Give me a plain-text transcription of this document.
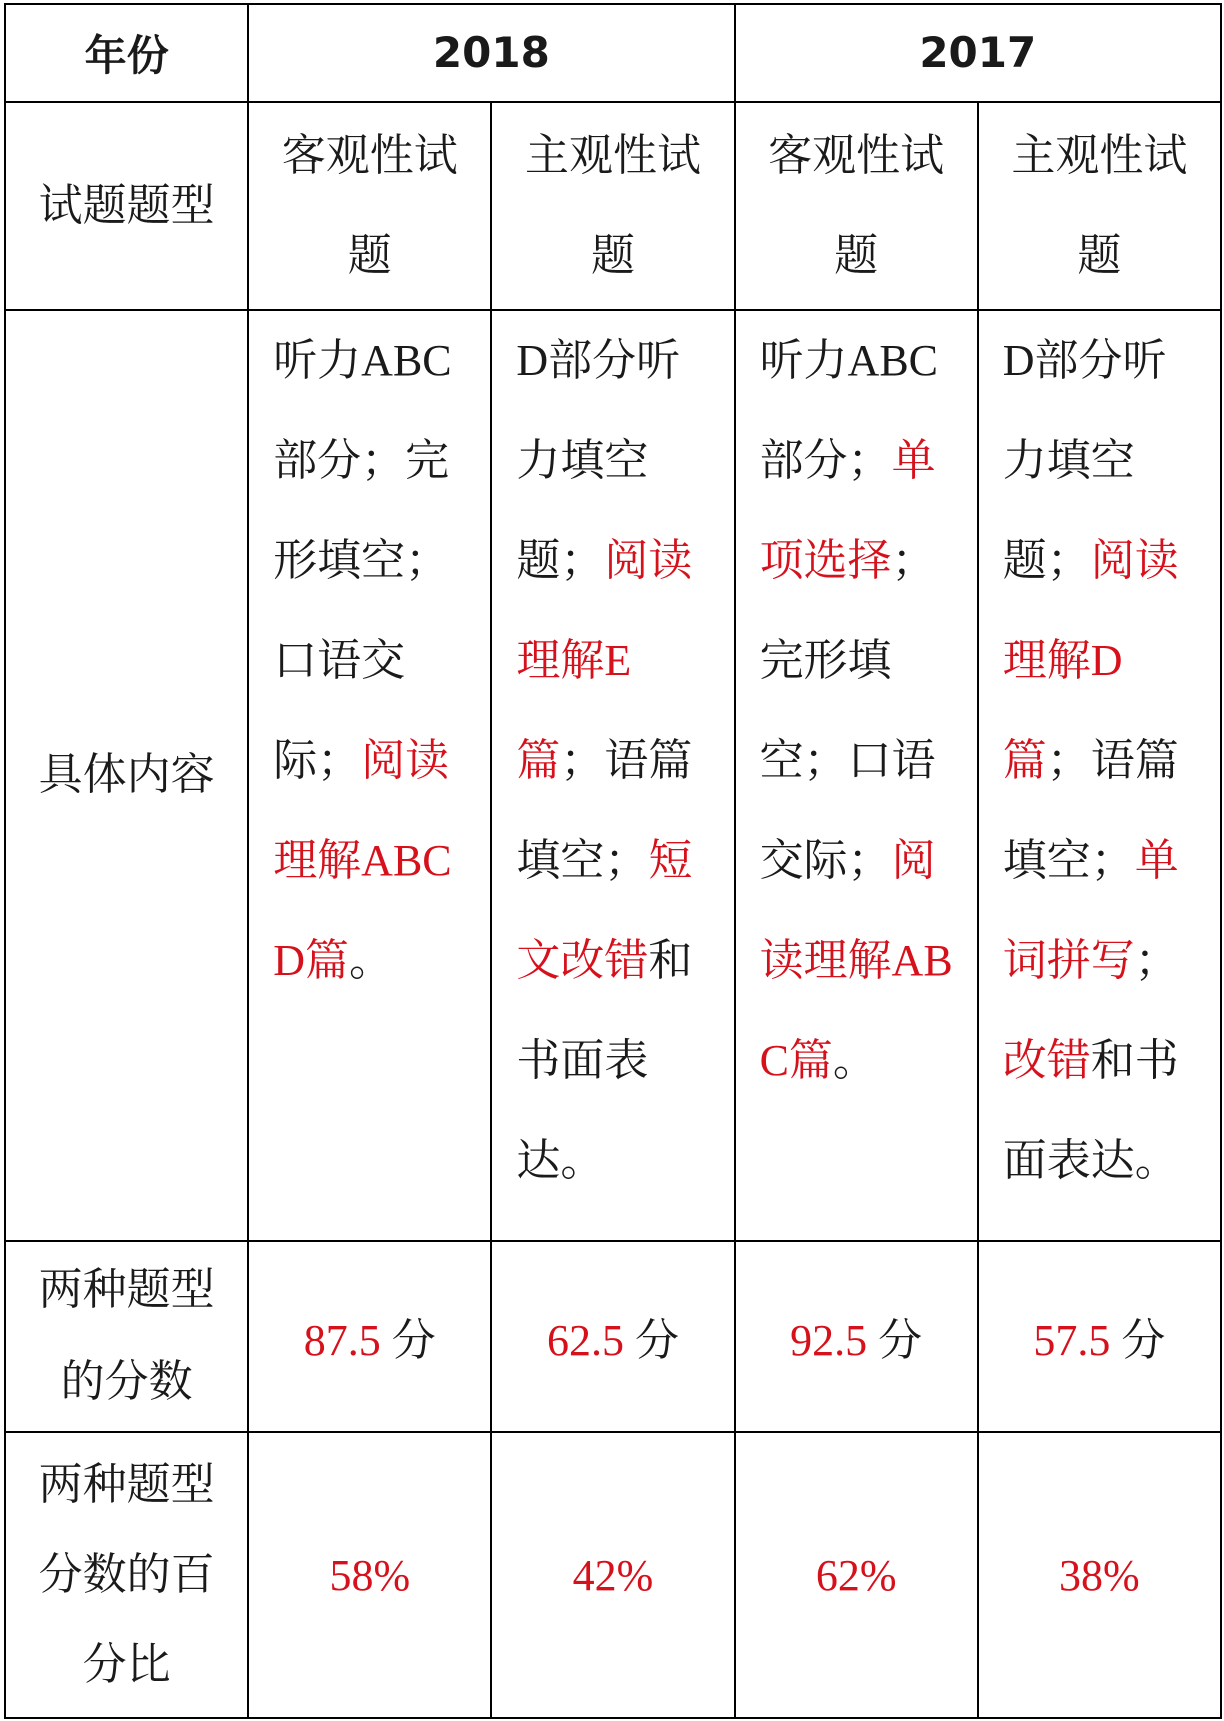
年份	2018		2017	
试题题型	客观性试题	主观性试题	客观性试题	主观性试题

具体内容	听力ABC部分；完形填空；口语交际；阅读理解ABCD篇。	D部分听力填空题；阅读理解E篇；语篇填空；短文改错和书面表达。	听力ABC部分；单项选择；完形填空；口语交际；阅读理解ABC篇。	D部分听力填空题；阅读理解D篇；语篇填空；单词拼写；改错和书面表达。

两种题型的分数	87.5 分	62.5 分	92.5 分	57.5 分
两种题型分数的百分比	58%	42%	62%	38%
